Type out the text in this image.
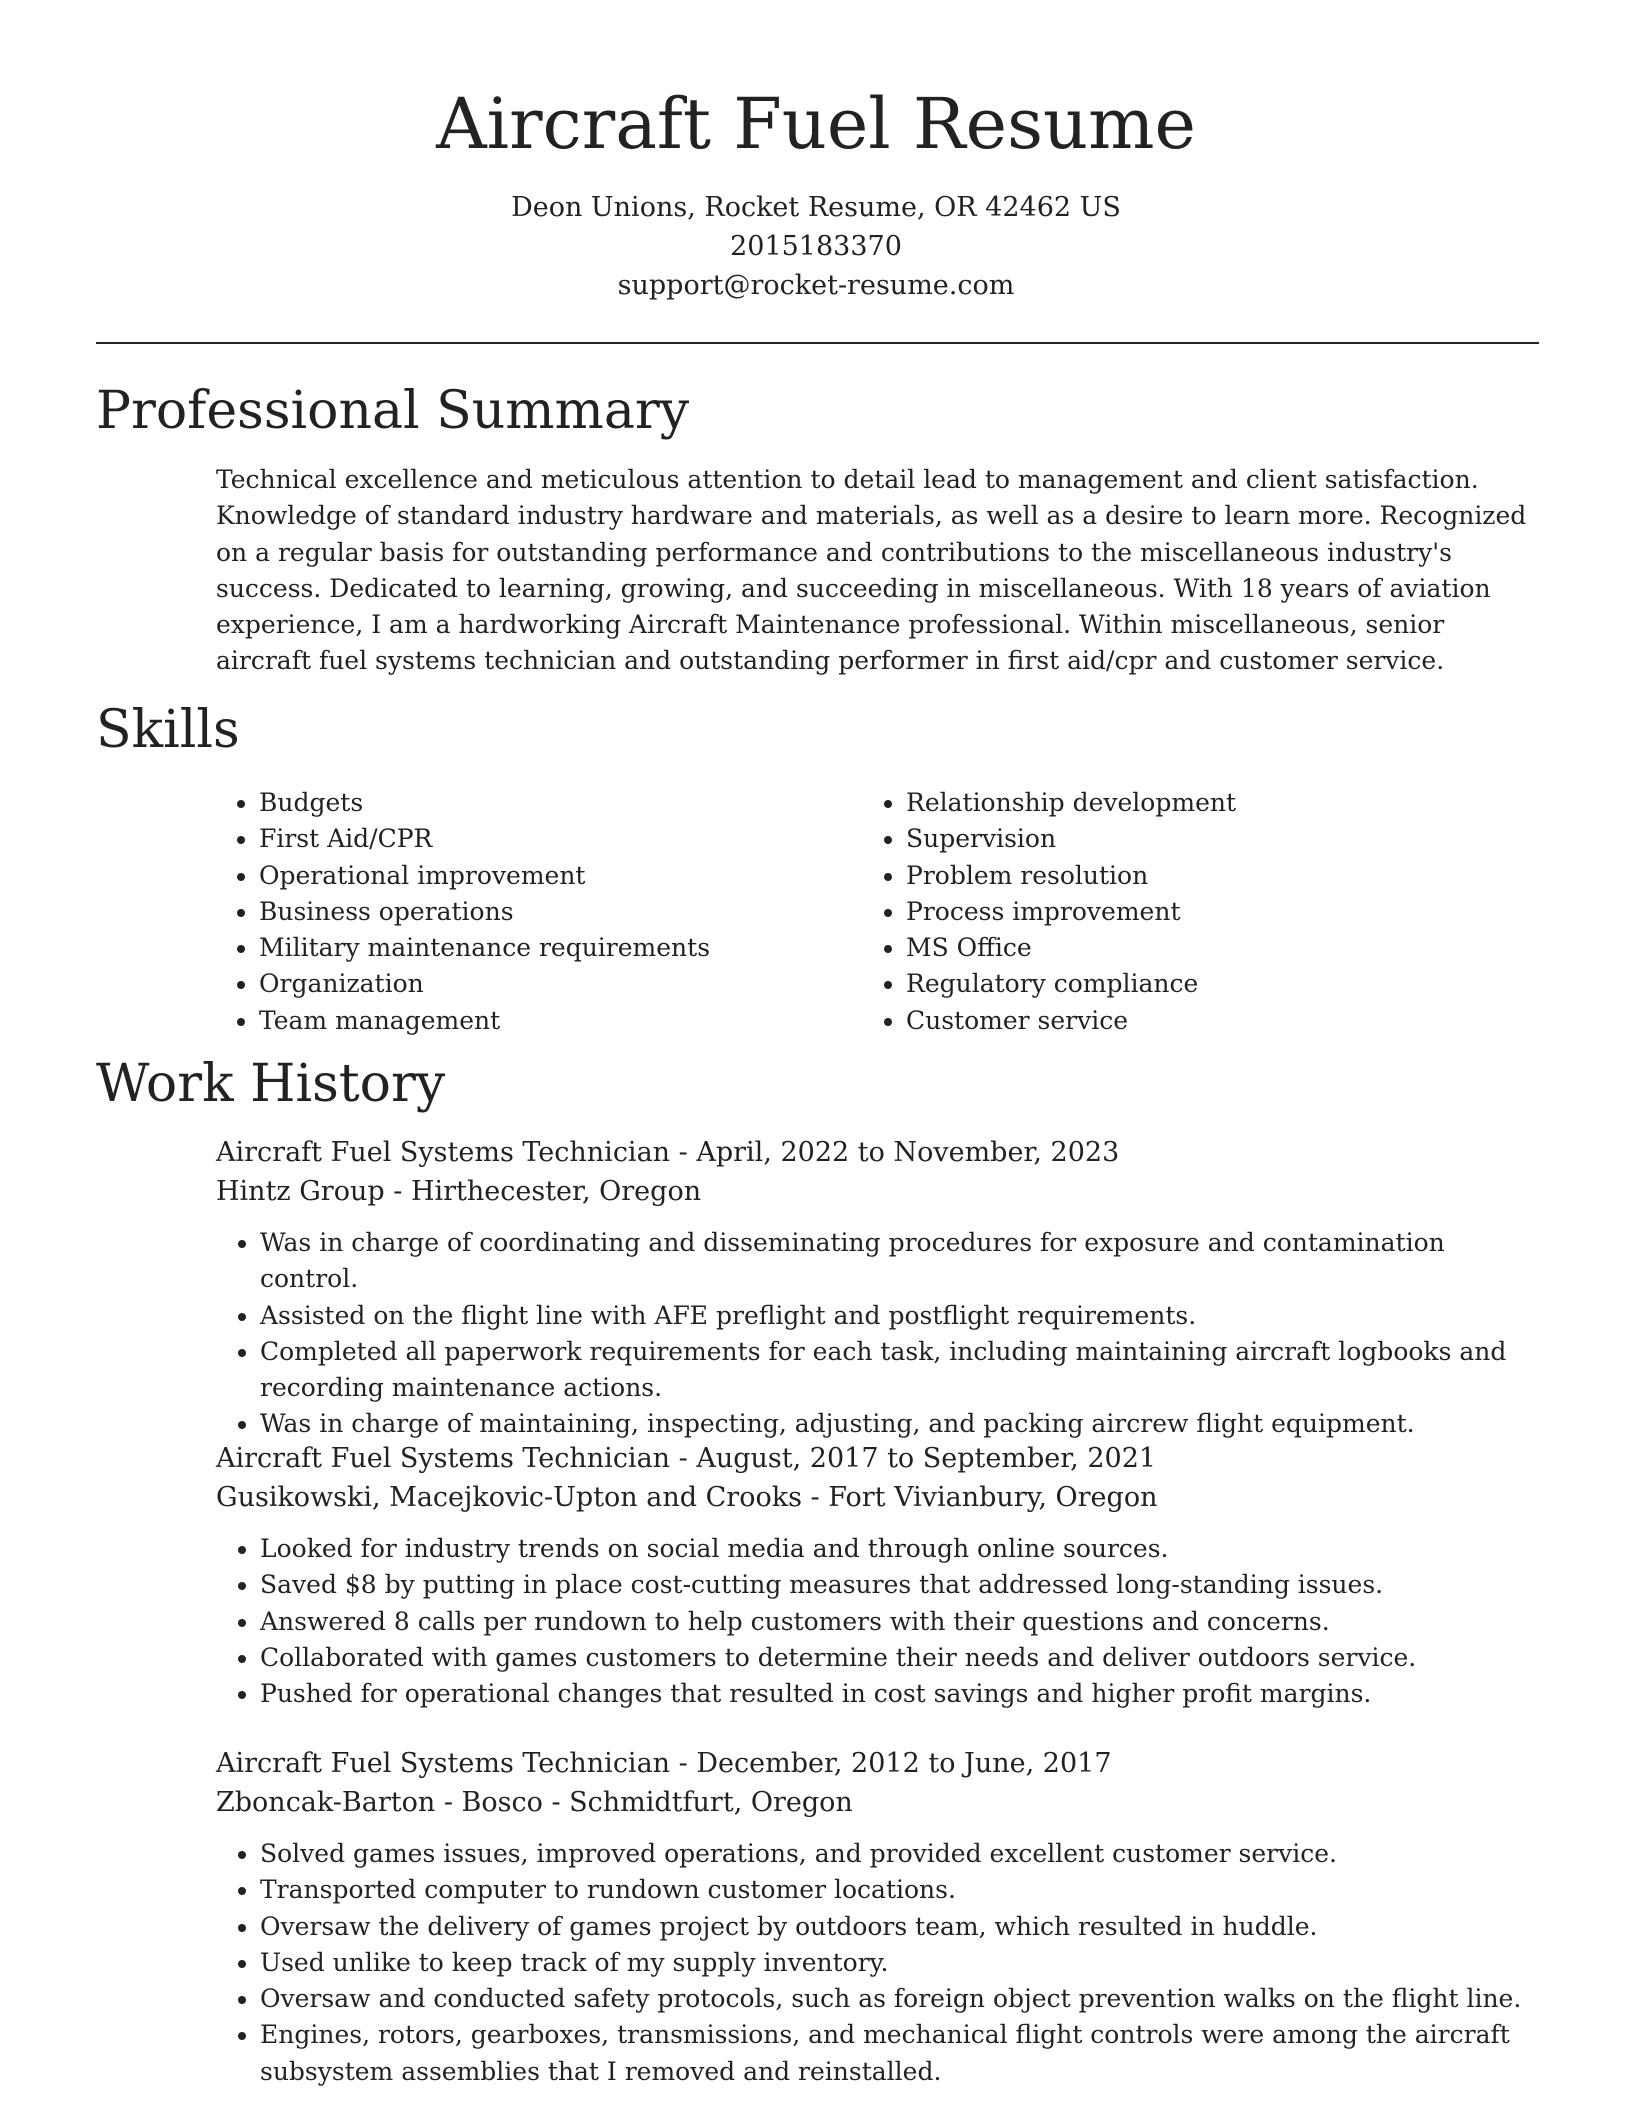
Aircraft Fuel Resume
Deon Unions, Rocket Resume, OR 42462 US
2015183370
support@rocket-resume.com
Professional Summary

Technical excellence and meticulous attention to detail lead to management and client satisfaction. Knowledge of standard industry hardware and materials, as well as a desire to learn more. Recognized on a regular basis for outstanding performance and contributions to the miscellaneous industry's success. Dedicated to learning, growing, and succeeding in miscellaneous. With 18 years of aviation experience, I am a hardworking Aircraft Maintenance professional. Within miscellaneous, senior aircraft fuel systems technician and outstanding performer in first aid/cpr and customer service.

Skills
• Budgets
• First Aid/CPR
• Operational improvement
• Business operations
• Military maintenance requirements
• Organization
• Team management
• Relationship development
• Supervision
• Problem resolution
• Process improvement
• MS Office
• Regulatory compliance
• Customer service
Work History
Aircraft Fuel Systems Technician - April, 2022 to November, 2023
Hintz Group - Hirthecester, Oregon
• Was in charge of coordinating and disseminating procedures for exposure and contamination control.
• Assisted on the flight line with AFE preflight and postflight requirements.
• Completed all paperwork requirements for each task, including maintaining aircraft logbooks and recording maintenance actions.
• Was in charge of maintaining, inspecting, adjusting, and packing aircrew flight equipment.
Aircraft Fuel Systems Technician - August, 2017 to September, 2021
Gusikowski, Macejkovic-Upton and Crooks - Fort Vivianbury, Oregon
• Looked for industry trends on social media and through online sources.
• Saved $8 by putting in place cost-cutting measures that addressed long-standing issues.
• Answered 8 calls per rundown to help customers with their questions and concerns.
• Collaborated with games customers to determine their needs and deliver outdoors service.
• Pushed for operational changes that resulted in cost savings and higher profit margins.
Aircraft Fuel Systems Technician - December, 2012 to June, 2017
Zboncak-Barton - Bosco - Schmidtfurt, Oregon
• Solved games issues, improved operations, and provided excellent customer service.
• Transported computer to rundown customer locations.
• Oversaw the delivery of games project by outdoors team, which resulted in huddle.
• Used unlike to keep track of my supply inventory.
• Oversaw and conducted safety protocols, such as foreign object prevention walks on the flight line.
• Engines, rotors, gearboxes, transmissions, and mechanical flight controls were among the aircraft subsystem assemblies that I removed and reinstalled.
